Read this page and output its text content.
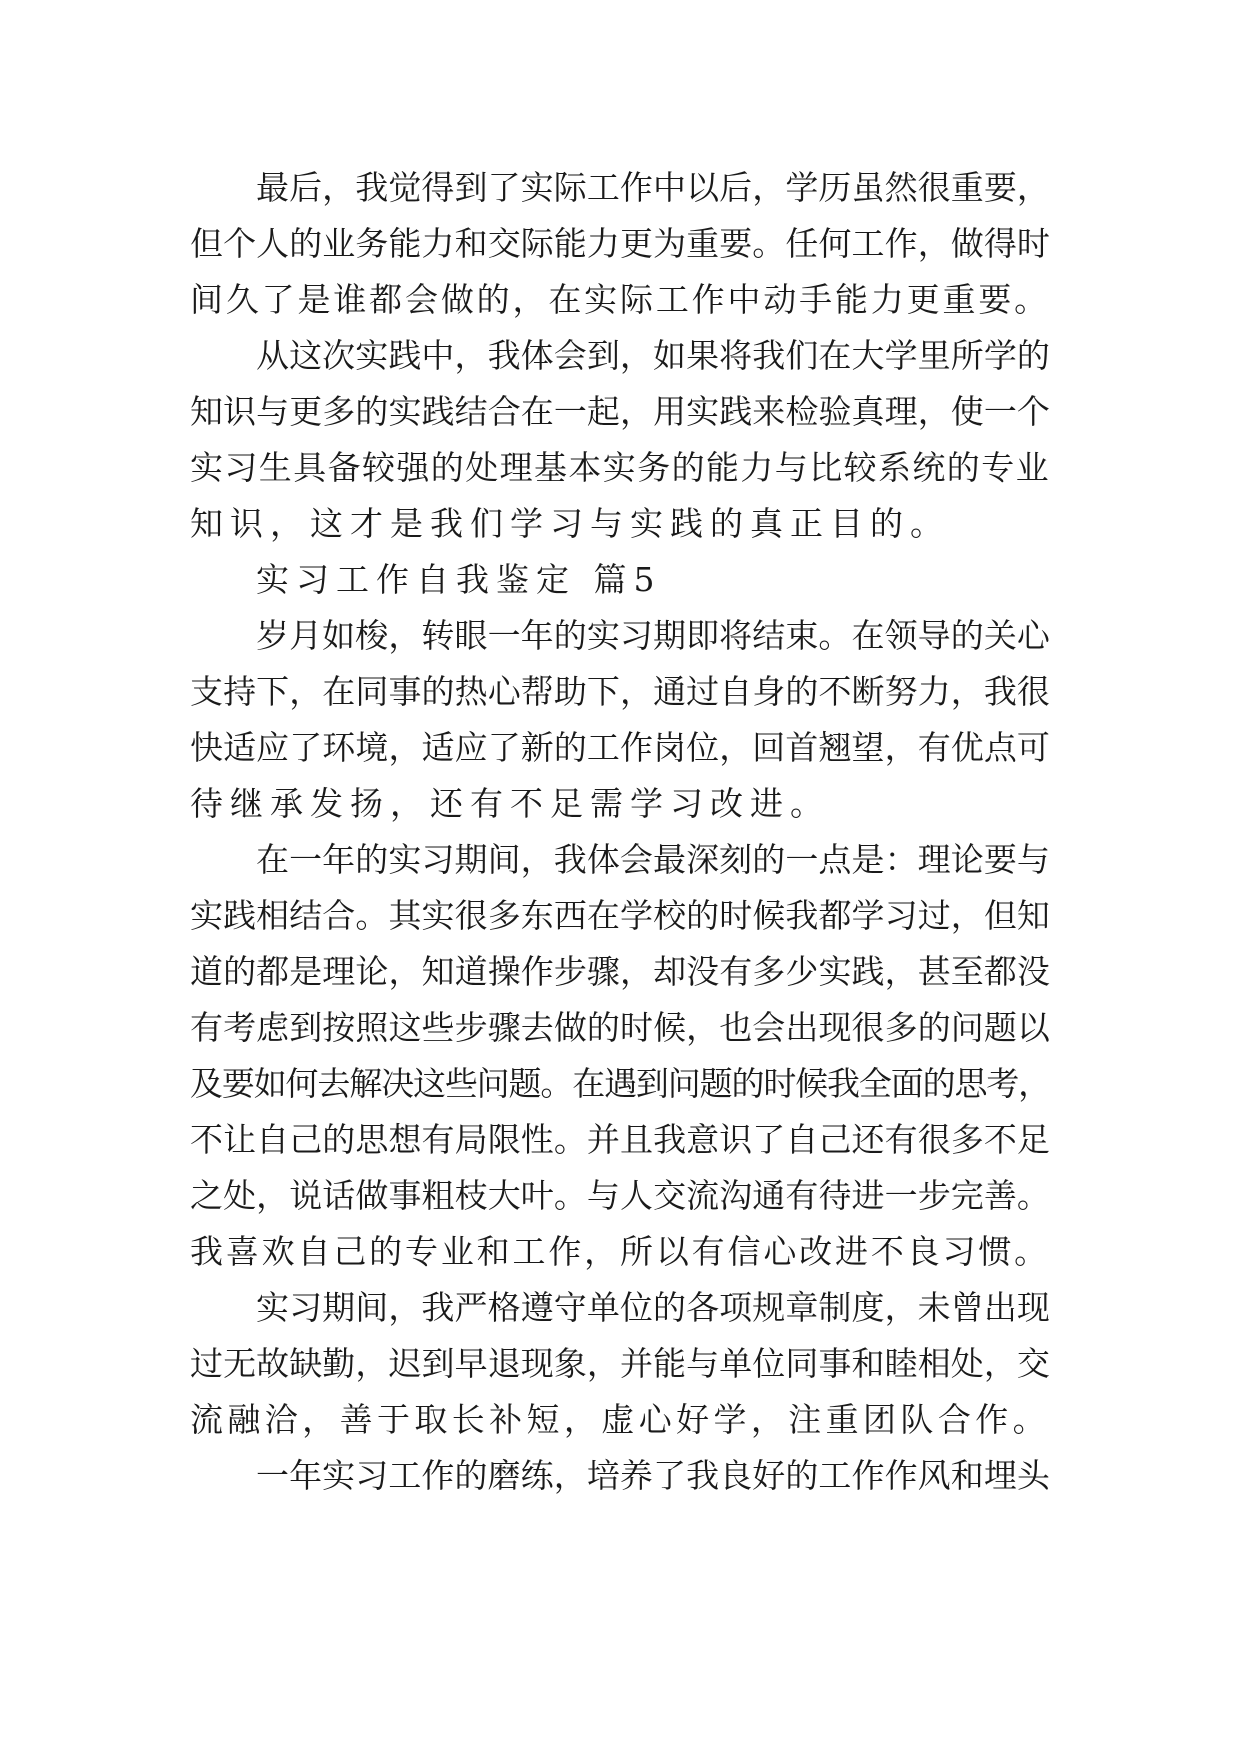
最后，我觉得到了实际工作中以后，学历虽然很重要，
但个人的业务能力和交际能力更为重要。任何工作，做得时
间久了是谁都会做的，在实际工作中动手能力更重要。
从这次实践中，我体会到，如果将我们在大学里所学的
知识与更多的实践结合在一起，用实践来检验真理，使一个
实习生具备较强的处理基本实务的能力与比较系统的专业
知识，这才是我们学习与实践的真正目的。
实习工作自我鉴定 篇5
岁月如梭，转眼一年的实习期即将结束。在领导的关心
支持下，在同事的热心帮助下，通过自身的不断努力，我很
快适应了环境，适应了新的工作岗位，回首翘望，有优点可
待继承发扬，还有不足需学习改进。
在一年的实习期间，我体会最深刻的一点是：理论要与
实践相结合。其实很多东西在学校的时候我都学习过，但知
道的都是理论，知道操作步骤，却没有多少实践，甚至都没
有考虑到按照这些步骤去做的时候，也会出现很多的问题以
及要如何去解决这些问题。在遇到问题的时候我全面的思考，
不让自己的思想有局限性。并且我意识了自己还有很多不足
之处，说话做事粗枝大叶。与人交流沟通有待进一步完善。
我喜欢自己的专业和工作，所以有信心改进不良习惯。
实习期间，我严格遵守单位的各项规章制度，未曾出现
过无故缺勤，迟到早退现象，并能与单位同事和睦相处，交
流融洽，善于取长补短，虚心好学，注重团队合作。
一年实习工作的磨练，培养了我良好的工作作风和埋头
